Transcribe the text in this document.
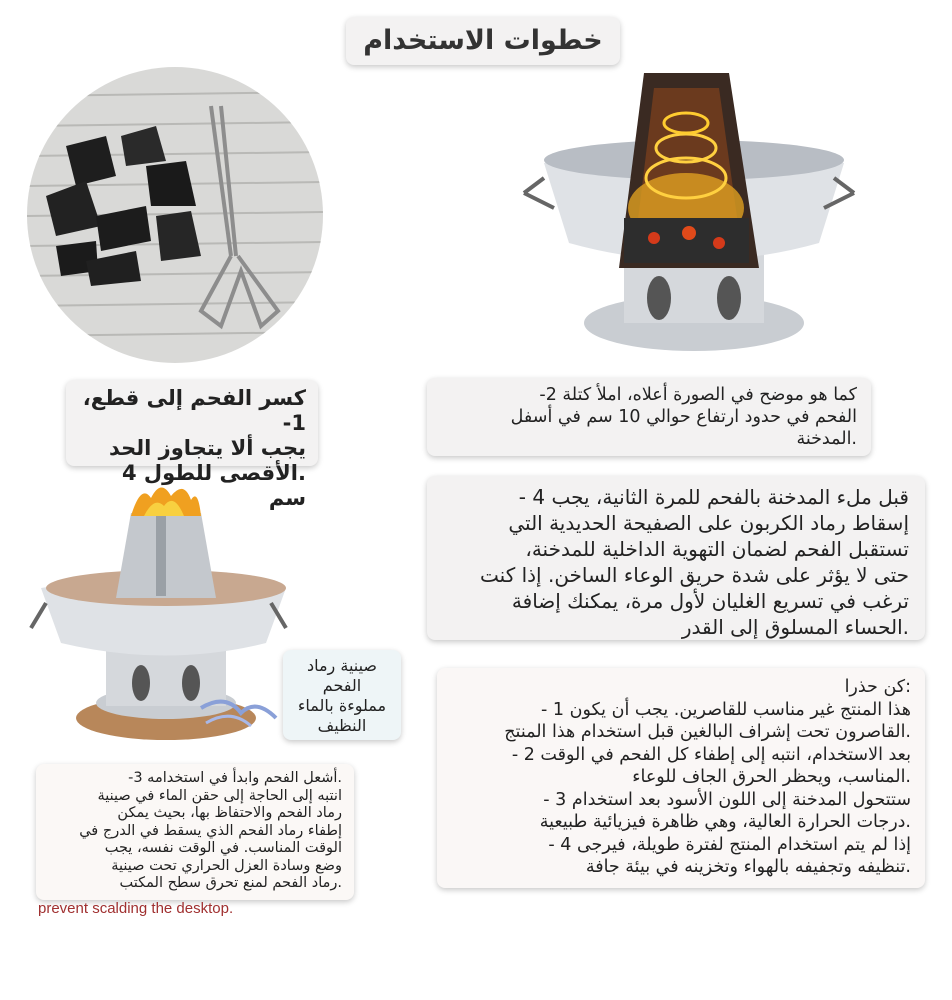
خطوات الاستخدام
كسر الفحم إلى قطع، 1-
يجب ألا يتجاوز الحد
.الأقصى للطول 4 سم
كما هو موضح في الصورة أعلاه، املأ كتلة 2-
الفحم في حدود ارتفاع حوالي 10 سم في أسفل
.المدخنة
قبل ملء المدخنة بالفحم للمرة الثانية، يجب 4 -
إسقاط رماد الكربون على الصفيحة الحديدية التي
تستقبل الفحم لضمان التهوية الداخلية للمدخنة،
حتى لا يؤثر على شدة حريق الوعاء الساخن. إذا كنت
ترغب في تسريع الغليان لأول مرة، يمكنك إضافة
.الحساء المسلوق إلى القدر
صينية رماد
الفحم
مملوءة بالماء
النظيف
:كن حذرا
هذا المنتج غير مناسب للقاصرين. يجب أن يكون 1 -
.القاصرون تحت إشراف البالغين قبل استخدام هذا المنتج
بعد الاستخدام، انتبه إلى إطفاء كل الفحم في الوقت 2 -
.المناسب، ويحظر الحرق الجاف للوعاء
ستتحول المدخنة إلى اللون الأسود بعد استخدام 3 -
.درجات الحرارة العالية، وهي ظاهرة فيزيائية طبيعية
إذا لم يتم استخدام المنتج لفترة طويلة، فيرجى 4 -
.تنظيفه وتجفيفه بالهواء وتخزينه في بيئة جافة
.أشعل الفحم وابدأ في استخدامه 3-
انتبه إلى الحاجة إلى حقن الماء في صينية
رماد الفحم والاحتفاظ بها، بحيث يمكن
إطفاء رماد الفحم الذي يسقط في الدرج في
الوقت المناسب. في الوقت نفسه، يجب
وضع وسادة العزل الحراري تحت صينية
.رماد الفحم لمنع تحرق سطح المكتب
prevent scalding the desktop.
